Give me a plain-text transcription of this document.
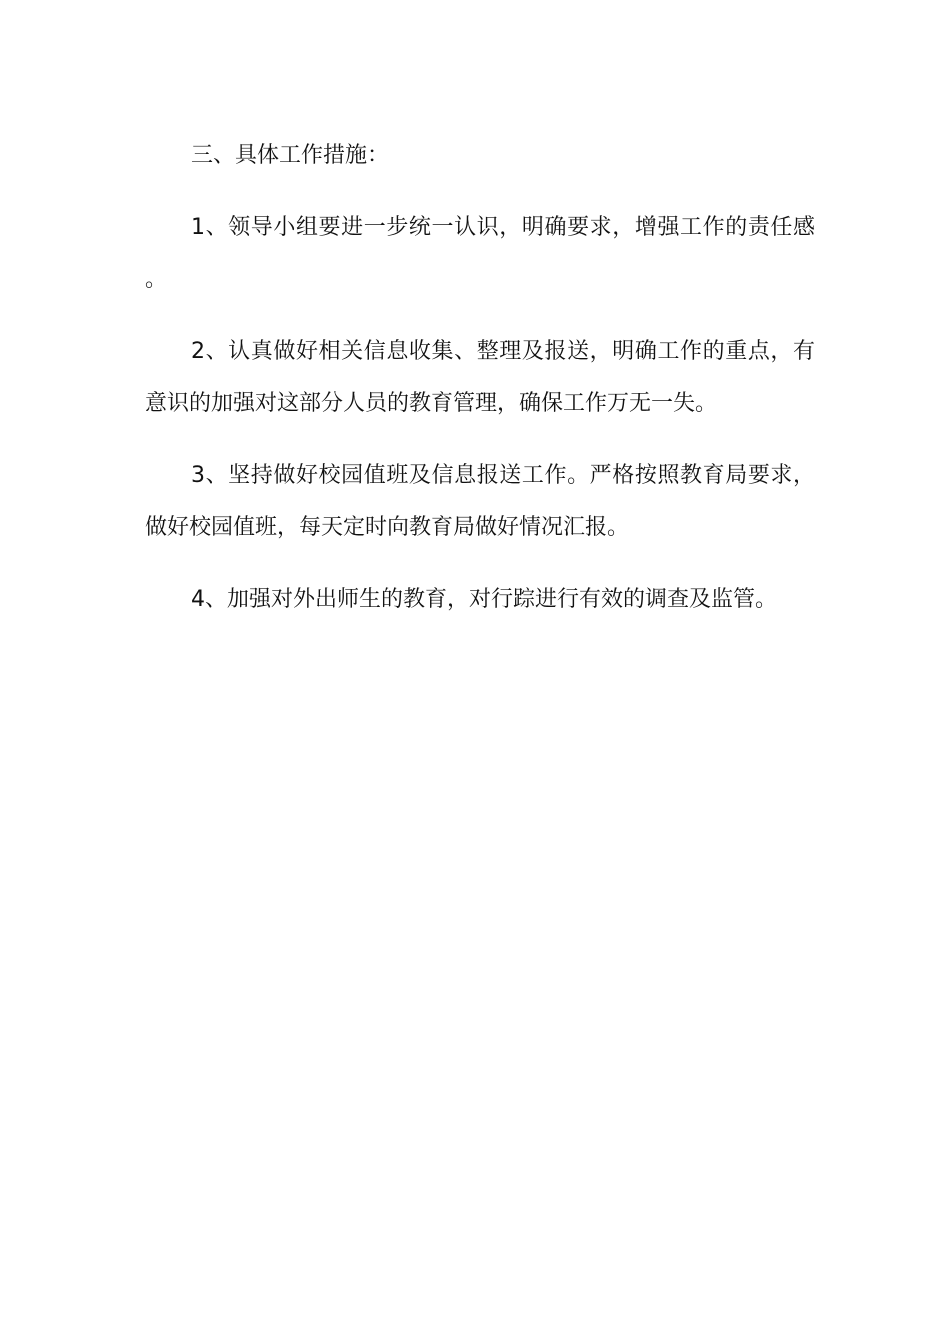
三、具体工作措施：

1、领导小组要进一步统一认识，明确要求，增强工作的责任感。

2、认真做好相关信息收集、整理及报送，明确工作的重点，有意识的加强对这部分人员的教育管理，确保工作万无一失。

3、坚持做好校园值班及信息报送工作。严格按照教育局要求，做好校园值班，每天定时向教育局做好情况汇报。

4、加强对外出师生的教育，对行踪进行有效的调查及监管。
